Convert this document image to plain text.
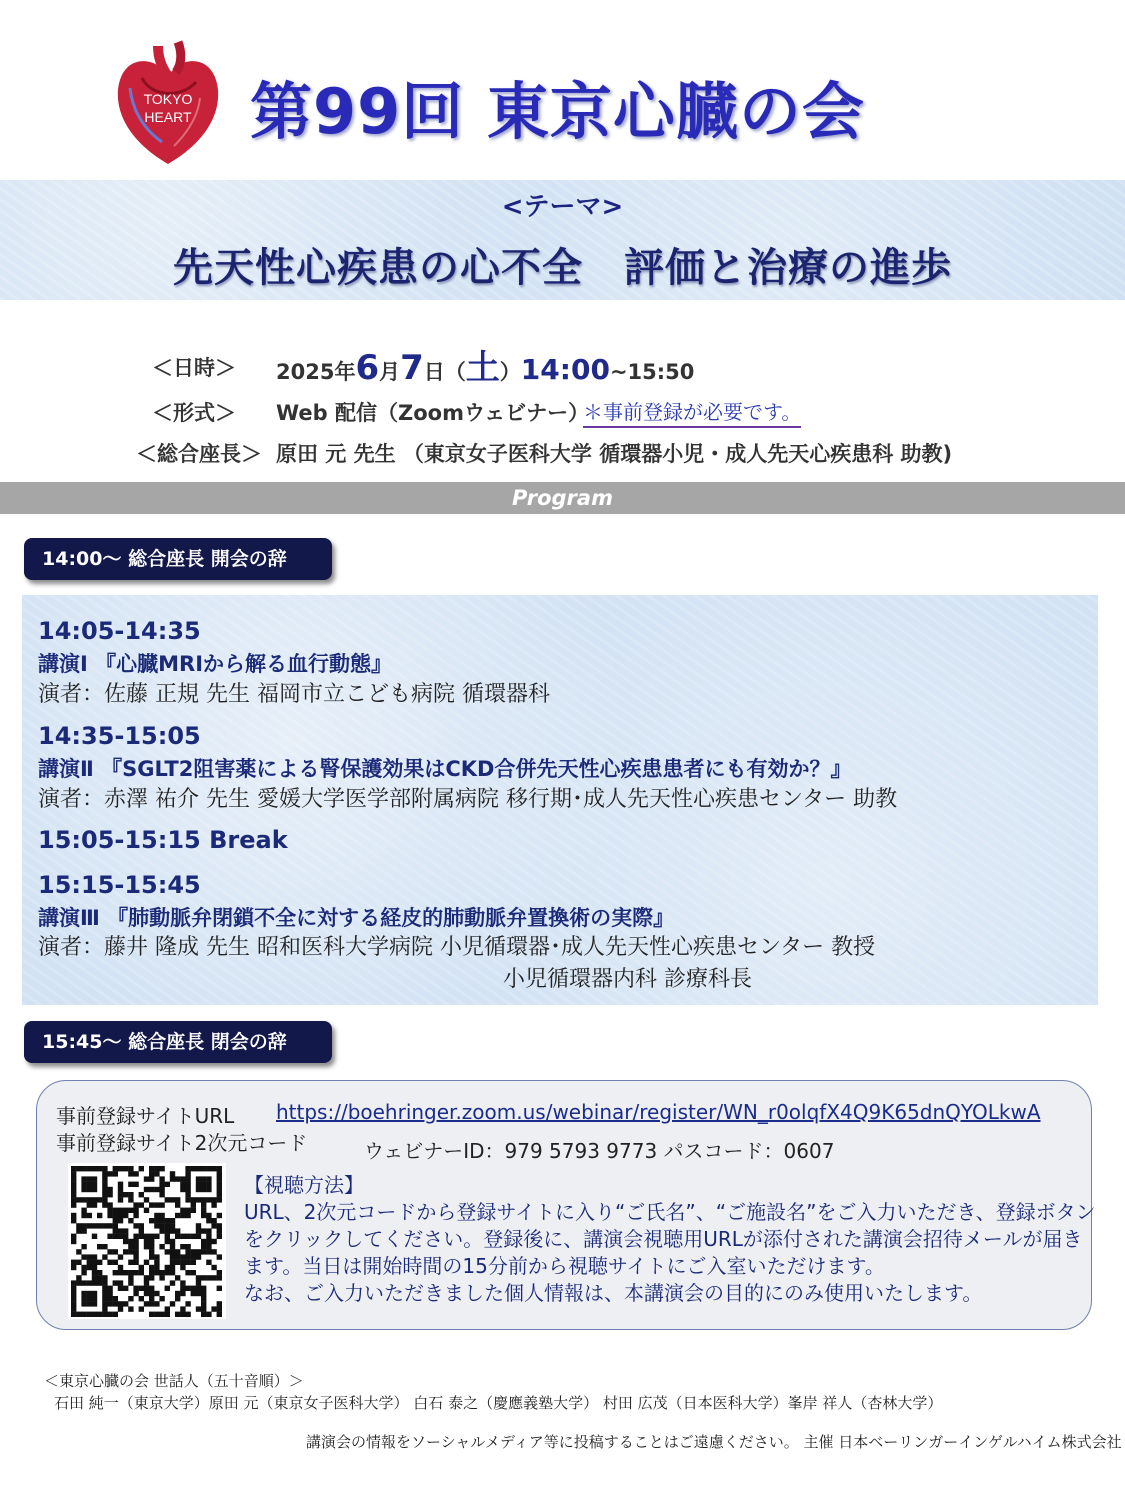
TOKYO
HEART 第99回 東京心臓の会
<テーマ>
先天性心疾患の心不全　評価と治療の進歩
＜日時＞ 2025年6月7日（土）14:00~15:50
＜形式＞ Web 配信（Zoomウェビナー）
＊事前登録が必要です。
＜総合座長＞ 原田 元 先生 （東京女子医科大学 循環器小児・成人先天心疾患科 助教)
Program
14:00～ 総合座長 開会の辞
14:05-14:35
講演Ⅰ 『心臓MRIから解る血行動態』
演者：佐藤 正規 先生 福岡市立こども病院 循環器科
14:35-15:05
講演Ⅱ 『SGLT2阻害薬による腎保護効果はCKD合併先天性心疾患患者にも有効か？』
演者：赤澤 祐介 先生 愛媛大学医学部附属病院 移行期･成人先天性心疾患センター 助教
15:05-15:15 Break
15:15-15:45
講演Ⅲ 『肺動脈弁閉鎖不全に対する経皮的肺動脈弁置換術の実際』
演者：藤井 隆成 先生 昭和医科大学病院 小児循環器･成人先天性心疾患センター 教授
小児循環器内科 診療科長
15:45～ 総合座長 閉会の辞
事前登録サイトURL https://boehringer.zoom.us/webinar/register/WN_r0olqfX4Q9K65dnQYOLkwA
事前登録サイト2次元コード	ウェビナーID：979 5793 9773 パスコード：0607
【視聴方法】
URL、2次元コードから登録サイトに入り“ご氏名”、“ご施設名”をご入力いただき、登録ボタン
をクリックしてください。登録後に、講演会視聴用URLが添付された講演会招待メールが届き
ます。当日は開始時間の15分前から視聴サイトにご入室いただけます。
なお、ご入力いただきました個人情報は、本講演会の目的にのみ使用いたします。
＜東京心臓の会 世話人（五十音順）＞
石田 純一（東京大学）原田 元（東京女子医科大学） 白石 泰之（慶應義塾大学） 村田 広茂（日本医科大学）峯岸 祥人（杏林大学）
講演会の情報をソーシャルメディア等に投稿することはご遠慮ください。 主催 日本ベーリンガーインゲルハイム株式会社
